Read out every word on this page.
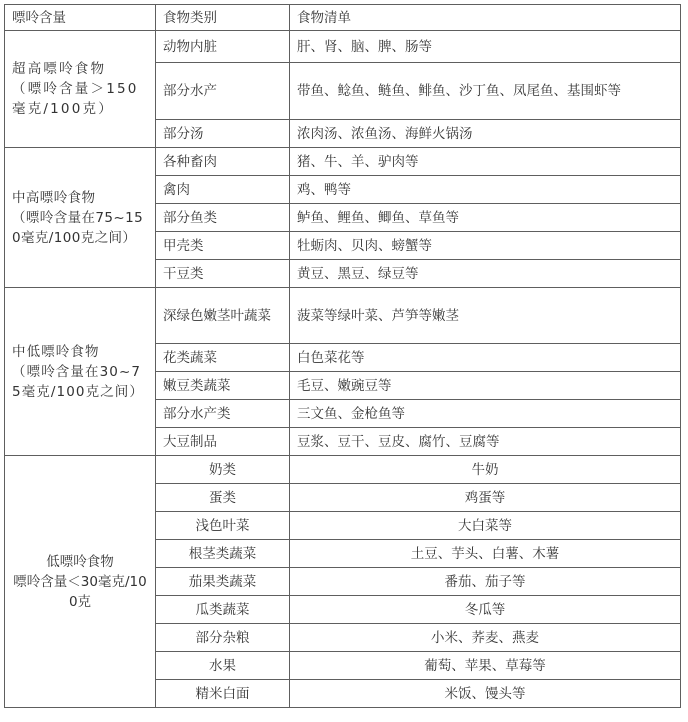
嘌呤含量	食物类别	食物清单

超高嘌呤食物
（嘌呤含量＞150毫克/100克）	动物内脏	肝、肾、脑、脾、肠等
	部分水产	带鱼、鲶鱼、鲢鱼、鲱鱼、沙丁鱼、凤尾鱼、基围虾等
	部分汤	浓肉汤、浓鱼汤、海鲜火锅汤

中高嘌呤食物
（嘌呤含量在75~150毫克/100克之间）	各种畜肉	猪、牛、羊、驴肉等
	禽肉	鸡、鸭等
	部分鱼类	鲈鱼、鲤鱼、鲫鱼、草鱼等
	甲壳类	牡蛎肉、贝肉、螃蟹等
	干豆类	黄豆、黑豆、绿豆等

中低嘌呤食物
（嘌呤含量在30~75毫克/100克之间）	深绿色嫩茎叶蔬菜	菠菜等绿叶菜、芦笋等嫩茎
	花类蔬菜	白色菜花等
	嫩豆类蔬菜	毛豆、嫩豌豆等
	部分水产类	三文鱼、金枪鱼等
	大豆制品	豆浆、豆干、豆皮、腐竹、豆腐等

低嘌呤食物
嘌呤含量＜30毫克/100克	奶类	牛奶
	蛋类	鸡蛋等
	浅色叶菜	大白菜等
	根茎类蔬菜	土豆、芋头、白薯、木薯
	茄果类蔬菜	番茄、茄子等
	瓜类蔬菜	冬瓜等
	部分杂粮	小米、荞麦、燕麦
	水果	葡萄、苹果、草莓等
	精米白面	米饭、馒头等
